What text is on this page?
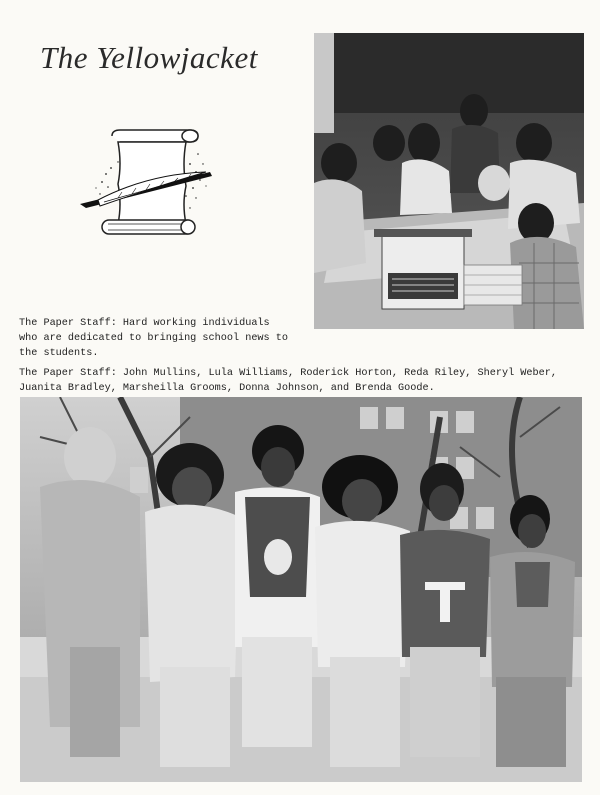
The Yellowjacket

The Paper Staff: Hard working individuals who are dedicated to bringing school news to the students.

The Paper Staff: John Mullins, Lula Williams, Roderick Horton, Reda Riley, Sheryl Weber, Juanita Bradley, Marsheilla Grooms, Donna Johnson, and Brenda Goode.
